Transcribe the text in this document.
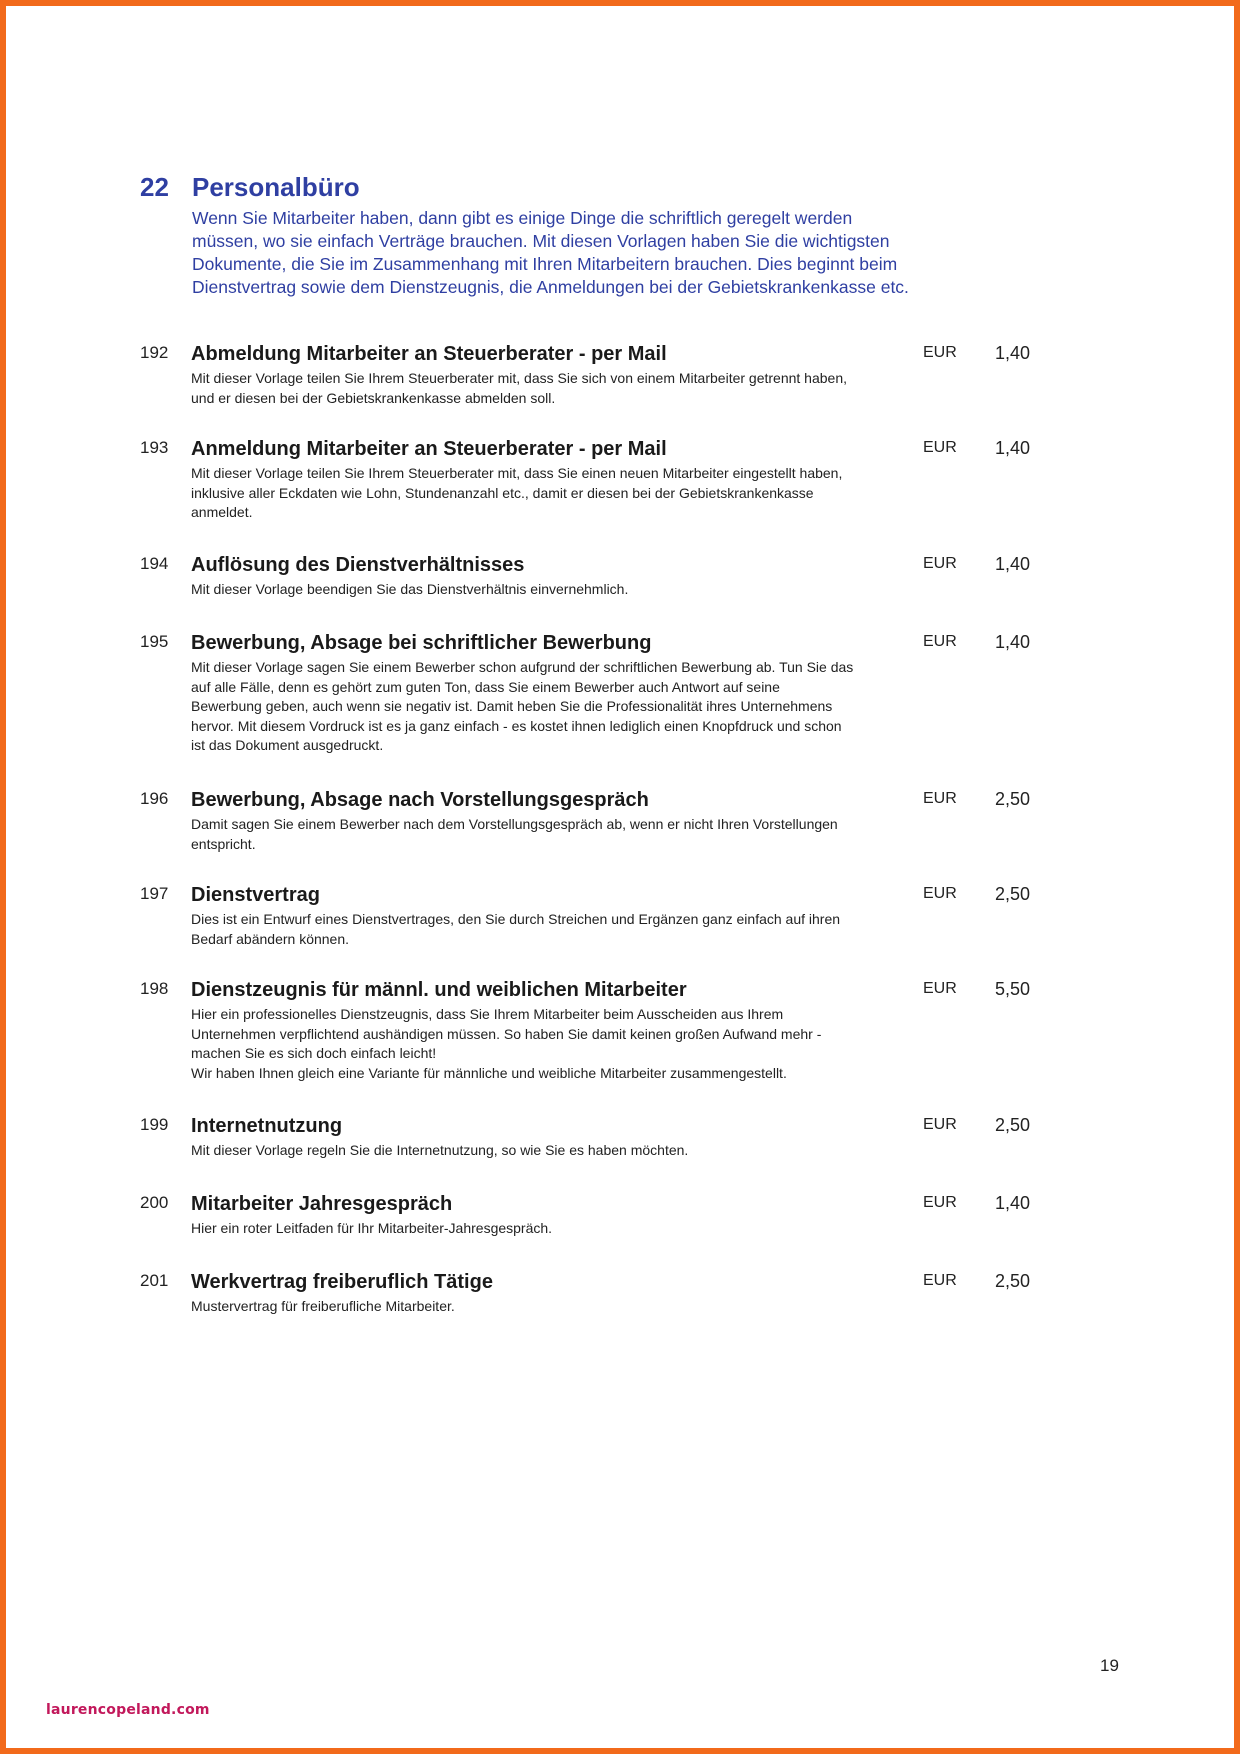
22 Personalbüro
Wenn Sie Mitarbeiter haben, dann gibt es einige Dinge die schriftlich geregelt werden müssen, wo sie einfach Verträge brauchen. Mit diesen Vorlagen haben Sie die wichtigsten Dokumente, die Sie im Zusammenhang mit Ihren Mitarbeitern brauchen. Dies beginnt beim Dienstvertrag sowie dem Dienstzeugnis, die Anmeldungen bei der Gebietskrankenkasse etc.
192 Abmeldung Mitarbeiter an Steuerberater - per Mail
Mit dieser Vorlage teilen Sie Ihrem Steuerberater mit, dass Sie sich von einem Mitarbeiter getrennt haben,
und er diesen bei der Gebietskrankenkasse abmelden soll.
EUR	1,40
193 Anmeldung Mitarbeiter an Steuerberater - per Mail
Mit dieser Vorlage teilen Sie Ihrem Steuerberater mit, dass Sie einen neuen Mitarbeiter eingestellt haben,
inklusive aller Eckdaten wie Lohn, Stundenanzahl etc., damit er diesen bei der Gebietskrankenkasse
anmeldet.
EUR	1,40
194 Auflösung des Dienstverhältnisses
Mit dieser Vorlage beendigen Sie das Dienstverhältnis einvernehmlich.
EUR	1,40
195 Bewerbung, Absage bei schriftlicher Bewerbung
Mit dieser Vorlage sagen Sie einem Bewerber schon aufgrund der schriftlichen Bewerbung ab. Tun Sie das
auf alle Fälle, denn es gehört zum guten Ton, dass Sie einem Bewerber auch Antwort auf seine
Bewerbung geben, auch wenn sie negativ ist. Damit heben Sie die Professionalität ihres Unternehmens
hervor. Mit diesem Vordruck ist es ja ganz einfach - es kostet ihnen lediglich einen Knopfdruck und schon
ist das Dokument ausgedruckt.
EUR	1,40
196 Bewerbung, Absage nach Vorstellungsgespräch
Damit sagen Sie einem Bewerber nach dem Vorstellungsgespräch ab, wenn er nicht Ihren Vorstellungen
entspricht.
EUR	2,50
197 Dienstvertrag
Dies ist ein Entwurf eines Dienstvertrages, den Sie durch Streichen und Ergänzen ganz einfach auf ihren
Bedarf abändern können.
EUR	2,50
198 Dienstzeugnis für männl. und weiblichen Mitarbeiter
Hier ein professionelles Dienstzeugnis, dass Sie Ihrem Mitarbeiter beim Ausscheiden aus Ihrem
Unternehmen verpflichtend aushändigen müssen. So haben Sie damit keinen großen Aufwand mehr -
machen Sie es sich doch einfach leicht!
Wir haben Ihnen gleich eine Variante für männliche und weibliche Mitarbeiter zusammengestellt.
EUR	5,50
199 Internetnutzung
Mit dieser Vorlage regeln Sie die Internetnutzung, so wie Sie es haben möchten.
EUR	2,50
200 Mitarbeiter Jahresgespräch
Hier ein roter Leitfaden für Ihr Mitarbeiter-Jahresgespräch.
EUR	1,40
201 Werkvertrag freiberuflich Tätige
Mustervertrag für freiberufliche Mitarbeiter.
EUR	2,50
19
laurencopeland.com
